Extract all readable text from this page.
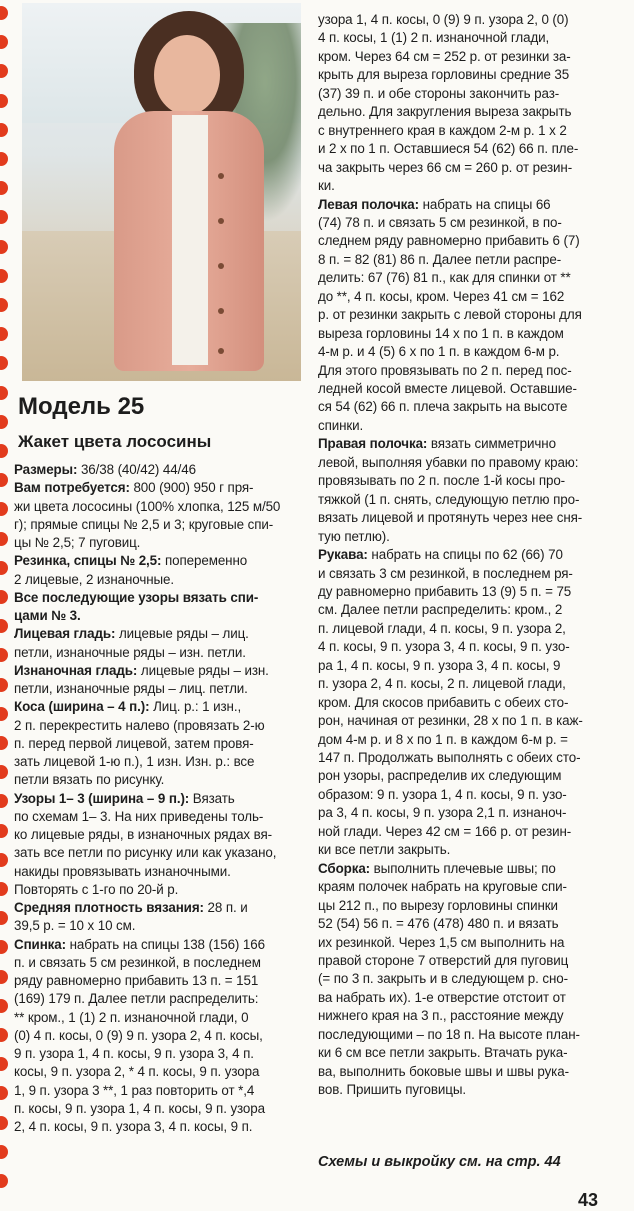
Модель 25
Жакет цвета лососины

Размеры: 36/38 (40/42) 44/46

Вам потребуется: 800 (900) 950 г пря-

жи цвета лососины (100% хлопка, 125 м/50

г); прямые спицы № 2,5 и 3; круговые спи-

цы № 2,5; 7 пуговиц.

Резинка, спицы № 2,5: попеременно

2 лицевые, 2 изнаночные.

Все последующие узоры вязать спи-

цами № 3.

Лицевая гладь: лицевые ряды – лиц.

петли, изнаночные ряды – изн. петли.

Изнаночная гладь: лицевые ряды – изн.

петли, изнаночные ряды – лиц. петли.

Коса (ширина – 4 п.): Лиц. р.: 1 изн.,

2 п. перекрестить налево (провязать 2-ю

п. перед первой лицевой, затем провя-

зать лицевой 1-ю п.), 1 изн. Изн. р.: все

петли вязать по рисунку.

Узоры 1– 3 (ширина – 9 п.): Вязать

по схемам 1– 3. На них приведены толь-

ко лицевые ряды, в изнаночных рядах вя-

зать все петли по рисунку или как указано,

накиды провязывать изнаночными.

Повторять с 1-го по 20-й р.

Средняя плотность вязания: 28 п. и

39,5 р. = 10 х 10 см.

Спинка: набрать на спицы 138 (156) 166

п. и связать 5 см резинкой, в последнем

ряду равномерно прибавить 13 п. = 151

(169) 179 п. Далее петли распределить:

** кром., 1 (1) 2 п. изнаночной глади, 0

(0) 4 п. косы, 0 (9) 9 п. узора 2, 4 п. косы,

9 п. узора 1, 4 п. косы, 9 п. узора 3, 4 п.

косы, 9 п. узора 2, * 4 п. косы, 9 п. узора

1, 9 п. узора 3 **, 1 раз повторить от *,4

п. косы, 9 п. узора 1, 4 п. косы, 9 п. узора

2, 4 п. косы, 9 п. узора 3, 4 п. косы, 9 п.

узора 1, 4 п. косы, 0 (9) 9 п. узора 2, 0 (0)

4 п. косы, 1 (1) 2 п. изнаночной глади,

кром. Через 64 см = 252 р. от резинки за-

крыть для выреза горловины средние 35

(37) 39 п. и обе стороны закончить раз-

дельно. Для закругления выреза закрыть

с внутреннего края в каждом 2-м р. 1 х 2

и 2 х по 1 п. Оставшиеся 54 (62) 66 п. пле-

ча закрыть через 66 см = 260 р. от резин-

ки.

Левая полочка: набрать на спицы 66

(74) 78 п. и связать 5 см резинкой, в по-

следнем ряду равномерно прибавить 6 (7)

8 п. = 82 (81) 86 п. Далее петли распре-

делить: 67 (76) 81 п., как для спинки от **

до **, 4 п. косы, кром. Через 41 см = 162

р. от резинки закрыть с левой стороны для

выреза горловины 14 х по 1 п. в каждом

4-м р. и 4 (5) 6 х по 1 п. в каждом 6-м р.

Для этого провязывать по 2 п. перед пос-

ледней косой вместе лицевой. Оставшие-

ся 54 (62) 66 п. плеча закрыть на высоте

спинки.

Правая полочка: вязать симметрично

левой, выполняя убавки по правому краю:

провязывать по 2 п. после 1-й косы про-

тяжкой (1 п. снять, следующую петлю про-

вязать лицевой и протянуть через нее сня-

тую петлю).

Рукава: набрать на спицы по 62 (66) 70

и связать 3 см резинкой, в последнем ря-

ду равномерно прибавить 13 (9) 5 п. = 75

см. Далее петли распределить: кром., 2

п. лицевой глади, 4 п. косы, 9 п. узора 2,

4 п. косы, 9 п. узора 3, 4 п. косы, 9 п. узо-

ра 1, 4 п. косы, 9 п. узора 3, 4 п. косы, 9

п. узора 2, 4 п. косы, 2 п. лицевой глади,

кром. Для скосов прибавить с обеих сто-

рон, начиная от резинки, 28 х по 1 п. в каж-

дом 4-м р. и 8 х по 1 п. в каждом 6-м р. =

147 п. Продолжать выполнять с обеих сто-

рон узоры, распределив их следующим

образом: 9 п. узора 1, 4 п. косы, 9 п. узо-

ра 3, 4 п. косы, 9 п. узора 2,1 п. изнаноч-

ной глади. Через 42 см = 166 р. от резин-

ки все петли закрыть.

Сборка: выполнить плечевые швы; по

краям полочек набрать на круговые спи-

цы 212 п., по вырезу горловины спинки

52 (54) 56 п. = 476 (478) 480 п. и вязать

их резинкой. Через 1,5 см выполнить на

правой стороне 7 отверстий для пуговиц

(= по 3 п. закрыть и в следующем р. сно-

ва набрать их). 1-е отверстие отстоит от

нижнего края на 3 п., расстояние между

последующими – по 18 п. На высоте план-

ки 6 см все петли закрыть. Втачать рука-

ва, выполнить боковые швы и швы рука-

вов. Пришить пуговицы.

Схемы и выкройку см. на стр. 44

43
